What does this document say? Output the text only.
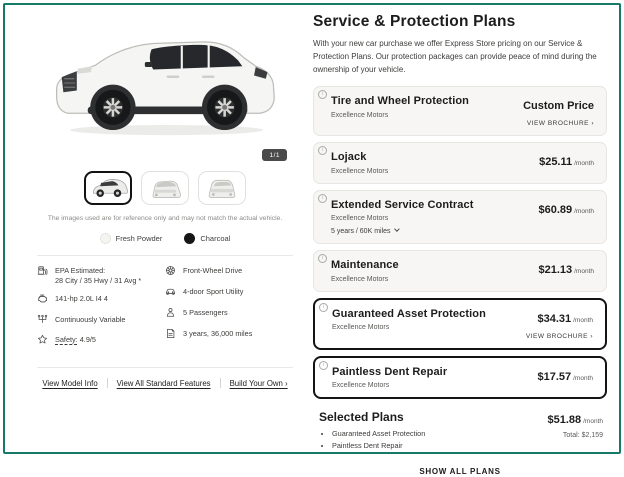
1/1
The images used are for reference only and may not match the actual vehicle.
Fresh Powder	Charcoal
EPA Estimated:
28 City / 35 Hwy / 31 Avg *
141-hp 2.0L I4 4
Continuously Variable
Safety: 4.9/5
Front-Wheel Drive
4-door Sport Utility
5 Passengers
3 years, 36,000 miles
View Model Info View All Standard Features Build Your Own ›
Service & Protection Plans
With your new car purchase we offer Express Store pricing on our Service & Protection Plans. Our protection packages can provide peace of mind during the ownership of your vehicle.
i
Tire and Wheel Protection
Excellence Motors
Custom Price
VIEW BROCHURE ›
i
Lojack
Excellence Motors
$25.11 /month
i
Extended Service Contract
Excellence Motors
5 years / 60K miles
$60.89 /month
i
Maintenance
Excellence Motors
$21.13 /month
i
Guaranteed Asset Protection
Excellence Motors
$34.31 /month
VIEW BROCHURE ›
i
Paintless Dent Repair
Excellence Motors
$17.57 /month
Selected Plans
• Guaranteed Asset Protection
• Paintless Dent Repair
$51.88 /month
Total: $2,159
SHOW ALL PLANS
